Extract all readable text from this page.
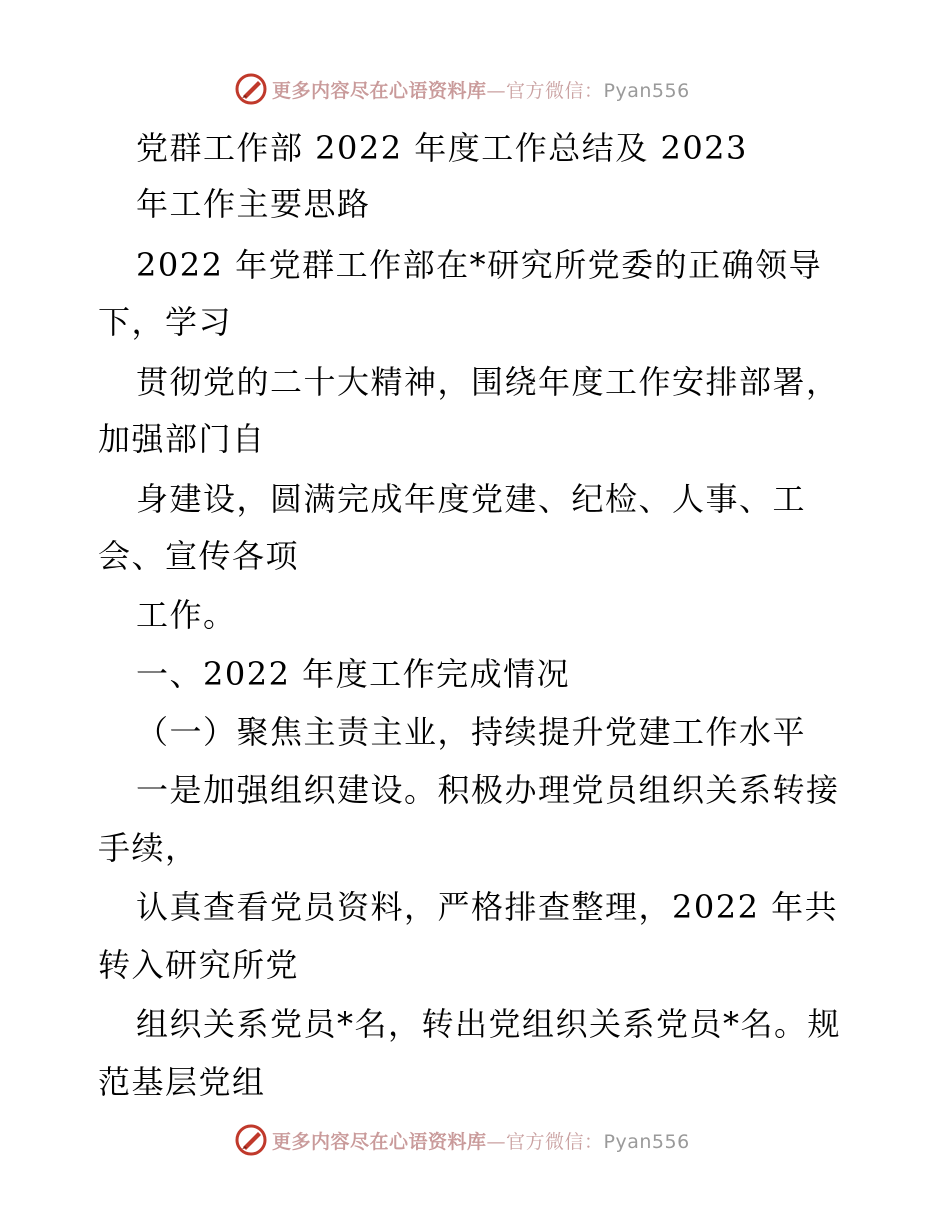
更多内容尽在心语资料库—官方微信：Pyan556
党群工作部 2022 年度工作总结及 2023
年工作主要思路
2022 年党群工作部在*研究所党委的正确领导
下，学习
贯彻党的二十大精神，围绕年度工作安排部署，
加强部门自
身建设，圆满完成年度党建、纪检、人事、工
会、宣传各项
工作。
一、2022 年度工作完成情况
（一）聚焦主责主业，持续提升党建工作水平
一是加强组织建设。积极办理党员组织关系转接
手续，
认真查看党员资料，严格排查整理，2022 年共
转入研究所党
组织关系党员*名，转出党组织关系党员*名。规
范基层党组
更多内容尽在心语资料库—官方微信：Pyan556
